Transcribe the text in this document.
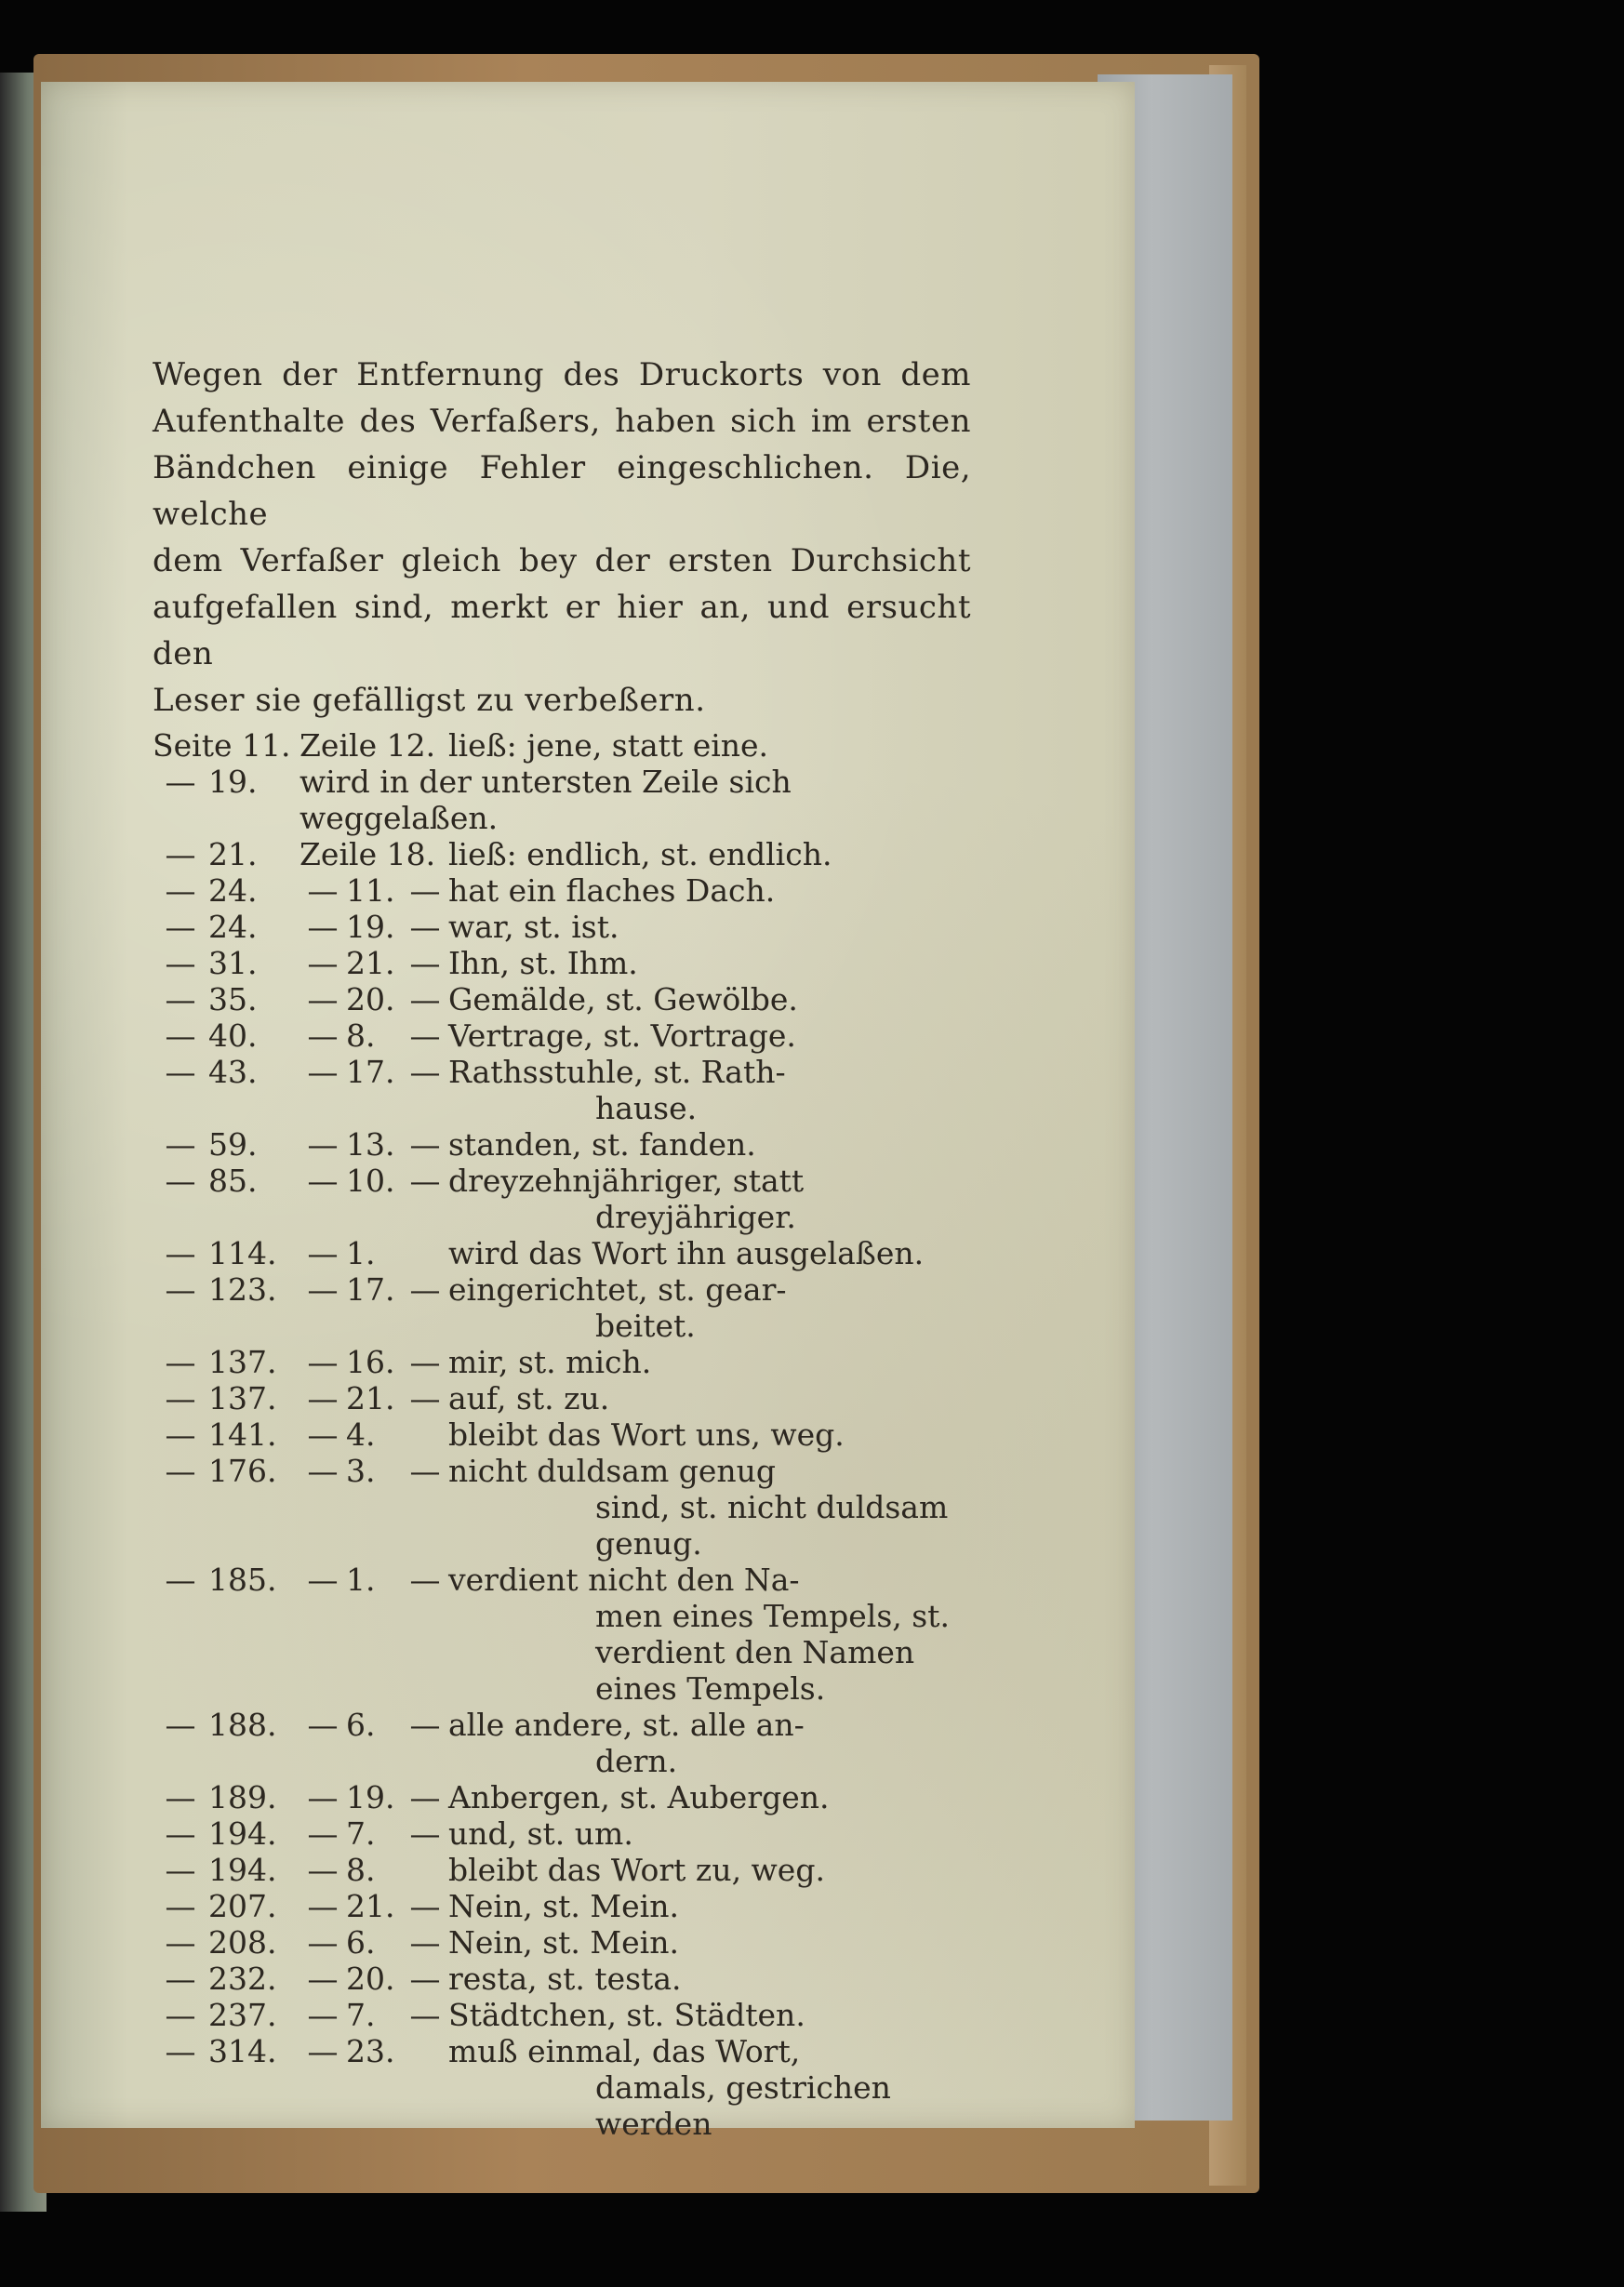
Wegen der Entfernung des Druckorts von dem

Aufenthalte des Verfaßers, haben sich im ersten

Bändchen einige Fehler eingeschlichen. Die, welche

dem Verfaßer gleich bey der ersten Durchsicht

aufgefallen sind, merkt er hier an, und ersucht den

Leser sie gefälligst zu verbeßern.

Seite 11. Zeile 12. ließ: jene, statt eine.
— 19.	wird in der untersten Zeile sich weggelaßen.
— 21.	Zeile 18. ließ: endlich, st. endlich.
— 24.	— 11. — hat ein flaches Dach.
— 24.	— 19. — war, st. ist.
— 31.	— 21. — Ihn, st. Ihm.
— 35.	— 20. — Gemälde, st. Gewölbe.
— 40.	— 8.	— Vertrage, st. Vortrage.
— 43.	— 17. — Rathsstuhle, st. Rath-
hause.
— 59.	— 13. — standen, st. fanden.
— 85.	— 10. — dreyzehnjähriger, statt
dreyjähriger.
— 114.	— 1.	wird das Wort ihn ausgelaßen.
— 123.	— 17. — eingerichtet, st. gear-
beitet.
— 137.	— 16. — mir, st. mich.
— 137.	— 21. — auf, st. zu.
— 141.	— 4.	bleibt das Wort uns, weg.
— 176.	— 3.	— nicht duldsam genug
sind, st. nicht duldsam
genug.
— 185.	— 1.	— verdient nicht den Na-
men eines Tempels, st.
verdient den Namen
eines Tempels.
— 188.	— 6.	— alle andere, st. alle an-
dern.
— 189.	— 19. — Anbergen, st. Aubergen.
— 194.	— 7.	— und, st. um.
— 194.	— 8.	bleibt das Wort zu, weg.
— 207.	— 21. — Nein, st. Mein.
— 208.	— 6.	— Nein, st. Mein.
— 232.	— 20. — resta, st. testa.
— 237.	— 7.	— Städtchen, st. Städten.
— 314.	— 23. muß einmal, das Wort,
damals, gestrichen werden
